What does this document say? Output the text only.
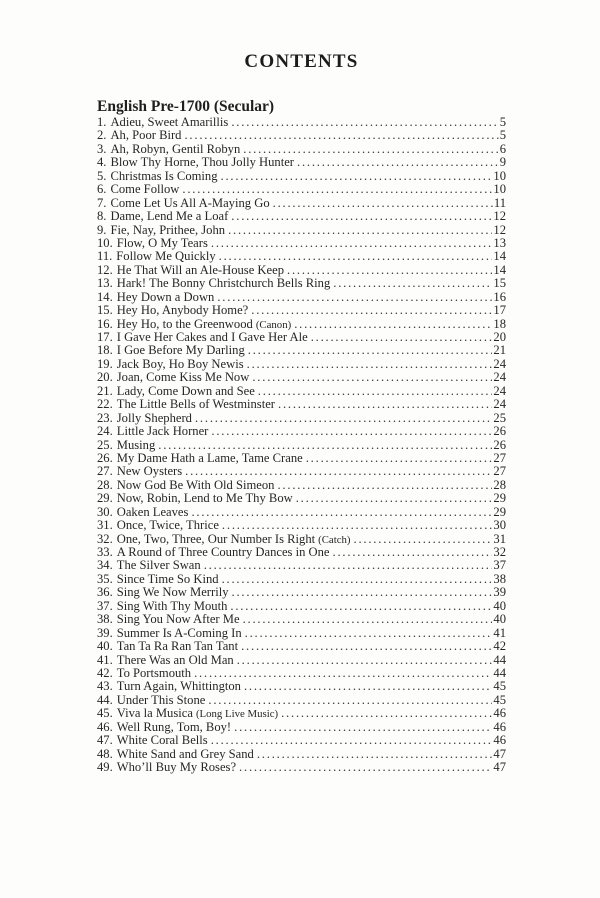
CONTENTS
English Pre-1700 (Secular)
1. Adieu, Sweet Amarillis .....	5
2. Ah, Poor Bird .....	5
3. Ah, Robyn, Gentil Robyn .....	6
4. Blow Thy Horne, Thou Jolly Hunter .....	9
5. Christmas Is Coming .....	10
6. Come Follow .....	10
7. Come Let Us All A-Maying Go .....	11
8. Dame, Lend Me a Loaf .....	12
9. Fie, Nay, Prithee, John .....	12
10. Flow, O My Tears .....	13
11. Follow Me Quickly .....	14
12. He That Will an Ale-House Keep .....	14
13. Hark! The Bonny Christchurch Bells Ring .....	15
14. Hey Down a Down .....	16
15. Hey Ho, Anybody Home? .....	17
16. Hey Ho, to the Greenwood (Canon) .....	18
17. I Gave Her Cakes and I Gave Her Ale .....	20
18. I Goe Before My Darling .....	21
19. Jack Boy, Ho Boy Newis .....	24
20. Joan, Come Kiss Me Now .....	24
21. Lady, Come Down and See .....	24
22. The Little Bells of Westminster .....	24
23. Jolly Shepherd .....	25
24. Little Jack Horner .....	26
25. Musing .....	26
26. My Dame Hath a Lame, Tame Crane .....	27
27. New Oysters .....	27
28. Now God Be With Old Simeon .....	28
29. Now, Robin, Lend to Me Thy Bow .....	29
30. Oaken Leaves .....	29
31. Once, Twice, Thrice .....	30
32. One, Two, Three, Our Number Is Right (Catch) .....	31
33. A Round of Three Country Dances in One .....	32
34. The Silver Swan .....	37
35. Since Time So Kind .....	38
36. Sing We Now Merrily .....	39
37. Sing With Thy Mouth .....	40
38. Sing You Now After Me .....	40
39. Summer Is A-Coming In .....	41
40. Tan Ta Ra Ran Tan Tant .....	42
41. There Was an Old Man .....	44
42. To Portsmouth .....	44
43. Turn Again, Whittington .....	45
44. Under This Stone .....	45
45. Viva la Musica (Long Live Music) .....	46
46. Well Rung, Tom, Boy! .....	46
47. White Coral Bells .....	46
48. White Sand and Grey Sand .....	47
49. Who’ll Buy My Roses? .....	47
